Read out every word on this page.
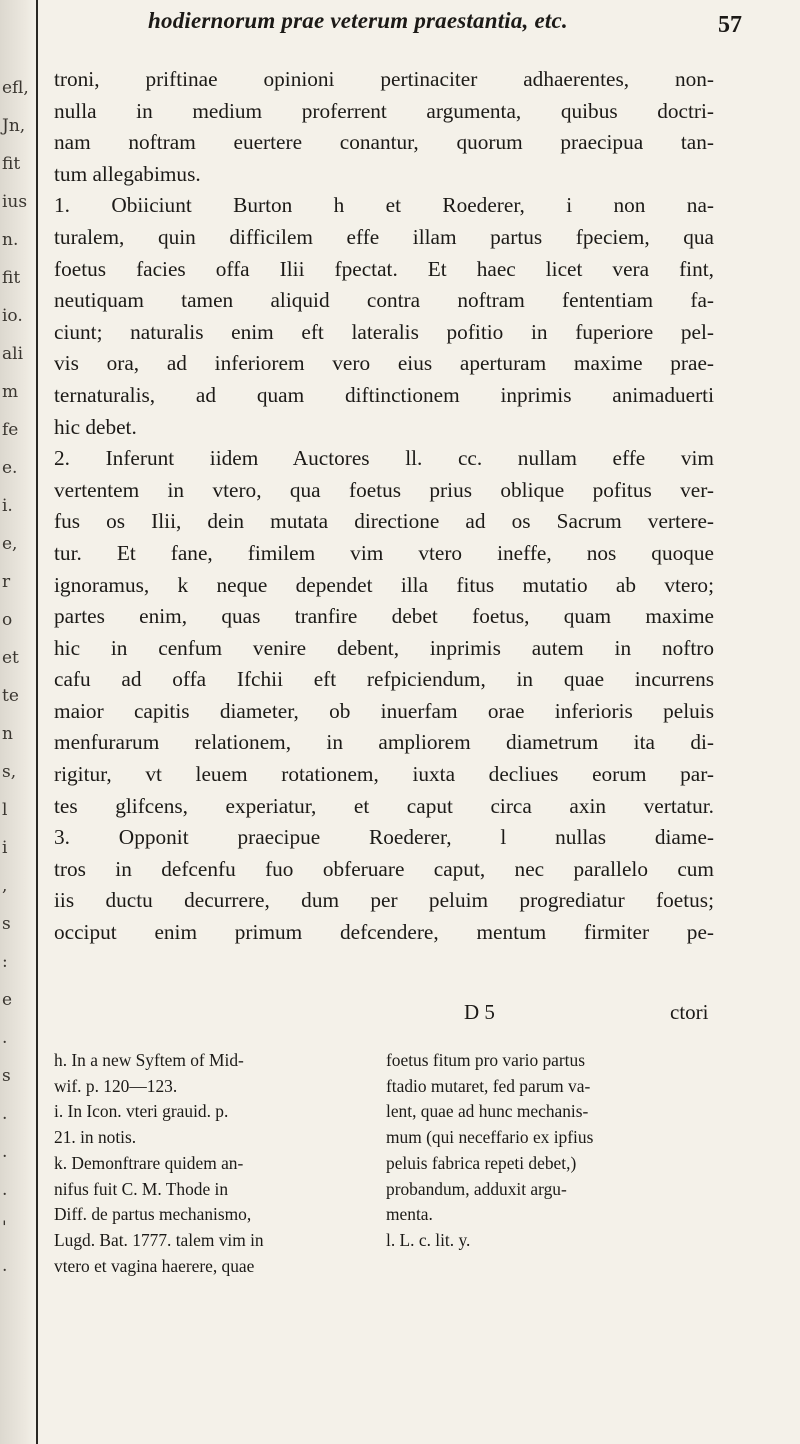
efl,
Jn,
fit
ius
n.
fit
io.
ali
m
fe
e.
i.
e,
r
o
et
te
n
s,
l
i
,
s
:
e
.
s
.
.
.
'
.
hodiernorum prae veterum praestantia, etc.	57
troni, priftinae opinioni pertinaciter adhaerentes, non-
nulla in medium proferrent argumenta, quibus doctri-
nam noftram euertere conantur, quorum praecipua tan-
tum allegabimus.
1. Obiiciunt Burton h et Roederer, i non na-
turalem, quin difficilem effe illam partus fpeciem, qua
foetus facies offa Ilii fpectat. Et haec licet vera fint,
neutiquam tamen aliquid contra noftram fententiam fa-
ciunt; naturalis enim eft lateralis pofitio in fuperiore pel-
vis ora, ad inferiorem vero eius aperturam maxime prae-
ternaturalis, ad quam diftinctionem inprimis animaduerti
hic debet.
2. Inferunt iidem Auctores ll. cc. nullam effe vim
vertentem in vtero, qua foetus prius oblique pofitus ver-
fus os Ilii, dein mutata directione ad os Sacrum vertere-
tur. Et fane, fimilem vim vtero ineffe, nos quoque
ignoramus, k neque dependet illa fitus mutatio ab vtero;
partes enim, quas tranfire debet foetus, quam maxime
hic in cenfum venire debent, inprimis autem in noftro
cafu ad offa Ifchii eft refpiciendum, in quae incurrens
maior capitis diameter, ob inuerfam orae inferioris peluis
menfurarum relationem, in ampliorem diametrum ita di-
rigitur, vt leuem rotationem, iuxta decliues eorum par-
tes glifcens, experiatur, et caput circa axin vertatur.
3. Opponit praecipue Roederer, l nullas diame-
tros in defcenfu fuo obferuare caput, nec parallelo cum
iis ductu decurrere, dum per peluim progrediatur foetus;
occiput enim primum defcendere, mentum firmiter pe-
D 5	ctori
h. In a new Syftem of Mid-
wif. p. 120—123.
i. In Icon. vteri grauid. p.
21. in notis.
k. Demonftrare quidem an-
nifus fuit C. M. Thode in
Diff. de partus mechanismo,
Lugd. Bat. 1777. talem vim in
vtero et vagina haerere, quae
foetus fitum pro vario partus
ftadio mutaret, fed parum va-
lent, quae ad hunc mechanis-
mum (qui neceffario ex ipfius
peluis fabrica repeti debet,)
probandum, adduxit argu-
menta.
l. L. c. lit. y.
